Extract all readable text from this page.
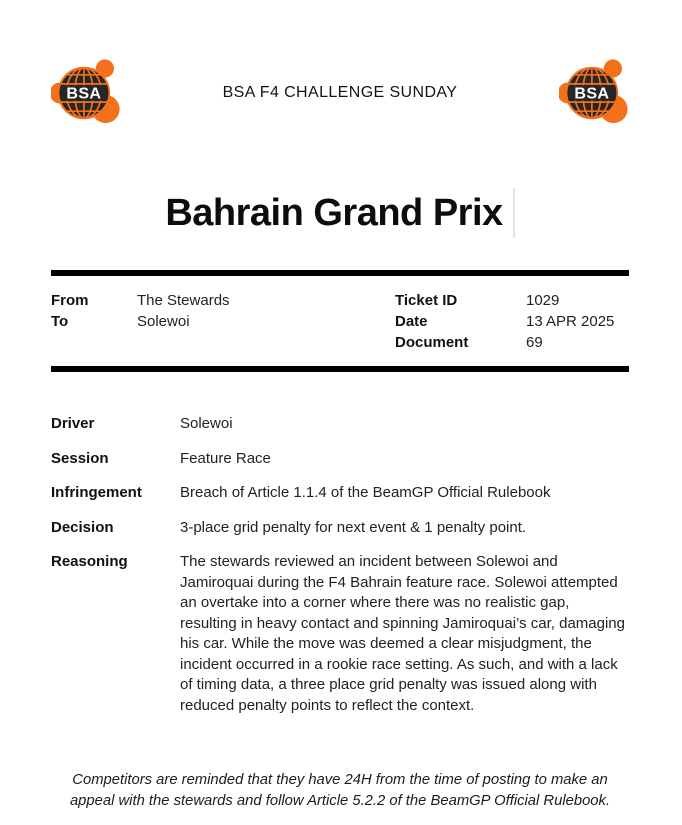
BSA	BSA F4 CHALLENGE SUNDAY	BSA
Bahrain Grand Prix
From	The Stewards
To	Solewoi
Ticket ID	1029
Date	13 APR 2025
Document	69
Driver	Solewoi
Session	Feature Race
Infringement	Breach of Article 1.1.4 of the BeamGP Official Rulebook
Decision	3-place grid penalty for next event & 1 penalty point.
Reasoning	The stewards reviewed an incident between Solewoi and Jamiroquai during the F4 Bahrain feature race. Solewoi attempted an overtake into a corner where there was no realistic gap, resulting in heavy contact and spinning Jamiroquai’s car, damaging his car. While the move was deemed a clear misjudgment, the incident occurred in a rookie race setting. As such, and with a lack of timing data, a three place grid penalty was issued along with reduced penalty points to reflect the context.
Competitors are reminded that they have 24H from the time of posting to make an appeal with the stewards and follow Article 5.2.2 of the BeamGP Official Rulebook.
